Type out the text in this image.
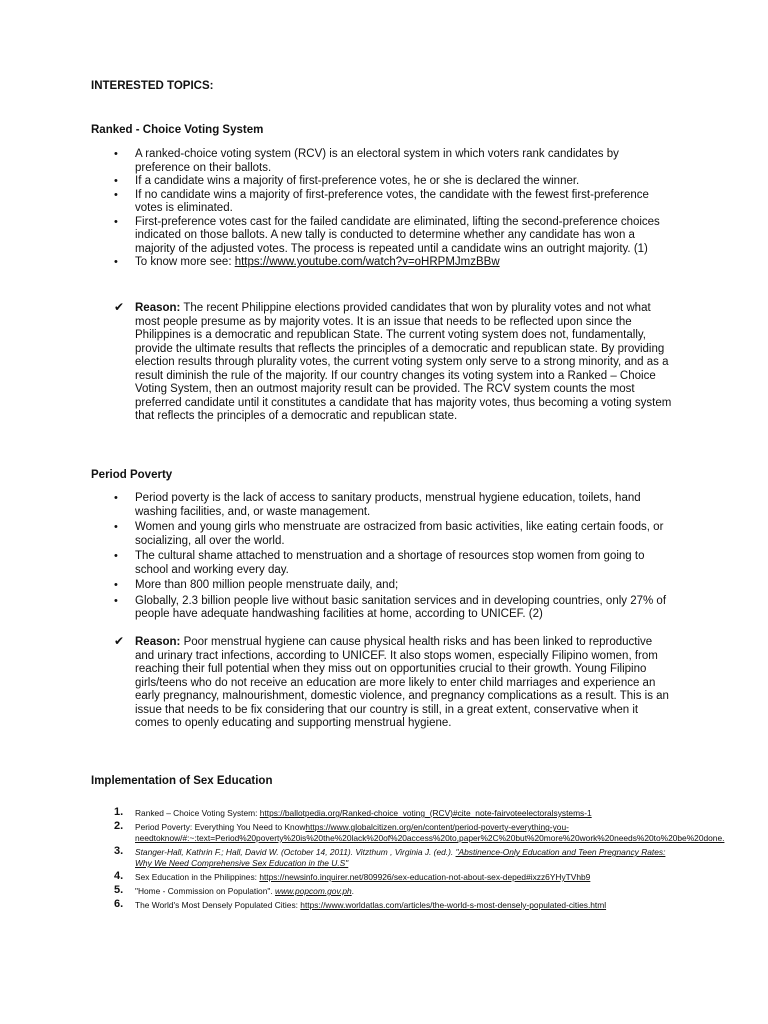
INTERESTED TOPICS:
Ranked - Choice Voting System
• A ranked-choice voting system (RCV) is an electoral system in which voters rank candidates by preference on their ballots.
• If a candidate wins a majority of first-preference votes, he or she is declared the winner.
• If no candidate wins a majority of first-preference votes, the candidate with the fewest first-preference votes is eliminated.
• First-preference votes cast for the failed candidate are eliminated, lifting the second-preference choices indicated on those ballots. A new tally is conducted to determine whether any candidate has won a majority of the adjusted votes. The process is repeated until a candidate wins an outright majority. (1)
• To know more see: https://www.youtube.com/watch?v=oHRPMJmzBBw
✔ Reason: The recent Philippine elections provided candidates that won by plurality votes and not what most people presume as by majority votes. It is an issue that needs to be reflected upon since the Philippines is a democratic and republican State. The current voting system does not, fundamentally, provide the ultimate results that reflects the principles of a democratic and republican state. By providing election results through plurality votes, the current voting system only serve to a strong minority, and as a result diminish the rule of the majority. If our country changes its voting system into a Ranked – Choice Voting System, then an outmost majority result can be provided. The RCV system counts the most preferred candidate until it constitutes a candidate that has majority votes, thus becoming a voting system that reflects the principles of a democratic and republican state.
Period Poverty
• Period poverty is the lack of access to sanitary products, menstrual hygiene education, toilets, hand washing facilities, and, or waste management.
• Women and young girls who menstruate are ostracized from basic activities, like eating certain foods, or socializing, all over the world.
• The cultural shame attached to menstruation and a shortage of resources stop women from going to school and working every day.
• More than 800 million people menstruate daily, and;
• Globally, 2.3 billion people live without basic sanitation services and in developing countries, only 27% of people have adequate handwashing facilities at home, according to UNICEF. (2)
✔ Reason: Poor menstrual hygiene can cause physical health risks and has been linked to reproductive and urinary tract infections, according to UNICEF. It also stops women, especially Filipino women, from reaching their full potential when they miss out on opportunities crucial to their growth. Young Filipino girls/teens who do not receive an education are more likely to enter child marriages and experience an early pregnancy, malnourishment, domestic violence, and pregnancy complications as a result. This is an issue that needs to be fix considering that our country is still, in a great extent, conservative when it comes to openly educating and supporting menstrual hygiene.
Implementation of Sex Education
1. Ranked – Choice Voting System: https://ballotpedia.org/Ranked-choice_voting_(RCV)#cite_note-fairvoteelectoralsystems-1
2. Period Poverty: Everything You Need to Knowhttps://www.globalcitizen.org/en/content/period-poverty-everything-you-needtoknow/#:~:text=Period%20poverty%20is%20the%20lack%20of%20access%20to,paper%2C%20but%20more%20work%20needs%20to%20be%20done.
3. Stanger-Hall, Kathrin F.; Hall, David W. (October 14, 2011). Vitzthum , Virginia J. (ed.). "Abstinence-Only Education and Teen Pregnancy Rates: Why We Need Comprehensive Sex Education in the U.S"
4. Sex Education in the Philippines: https://newsinfo.inquirer.net/809926/sex-education-not-about-sex-deped#ixzz6YHyTVhb9
5. "Home - Commission on Population". www.popcom.gov.ph.
6. The World's Most Densely Populated Cities: https://www.worldatlas.com/articles/the-world-s-most-densely-populated-cities.html
